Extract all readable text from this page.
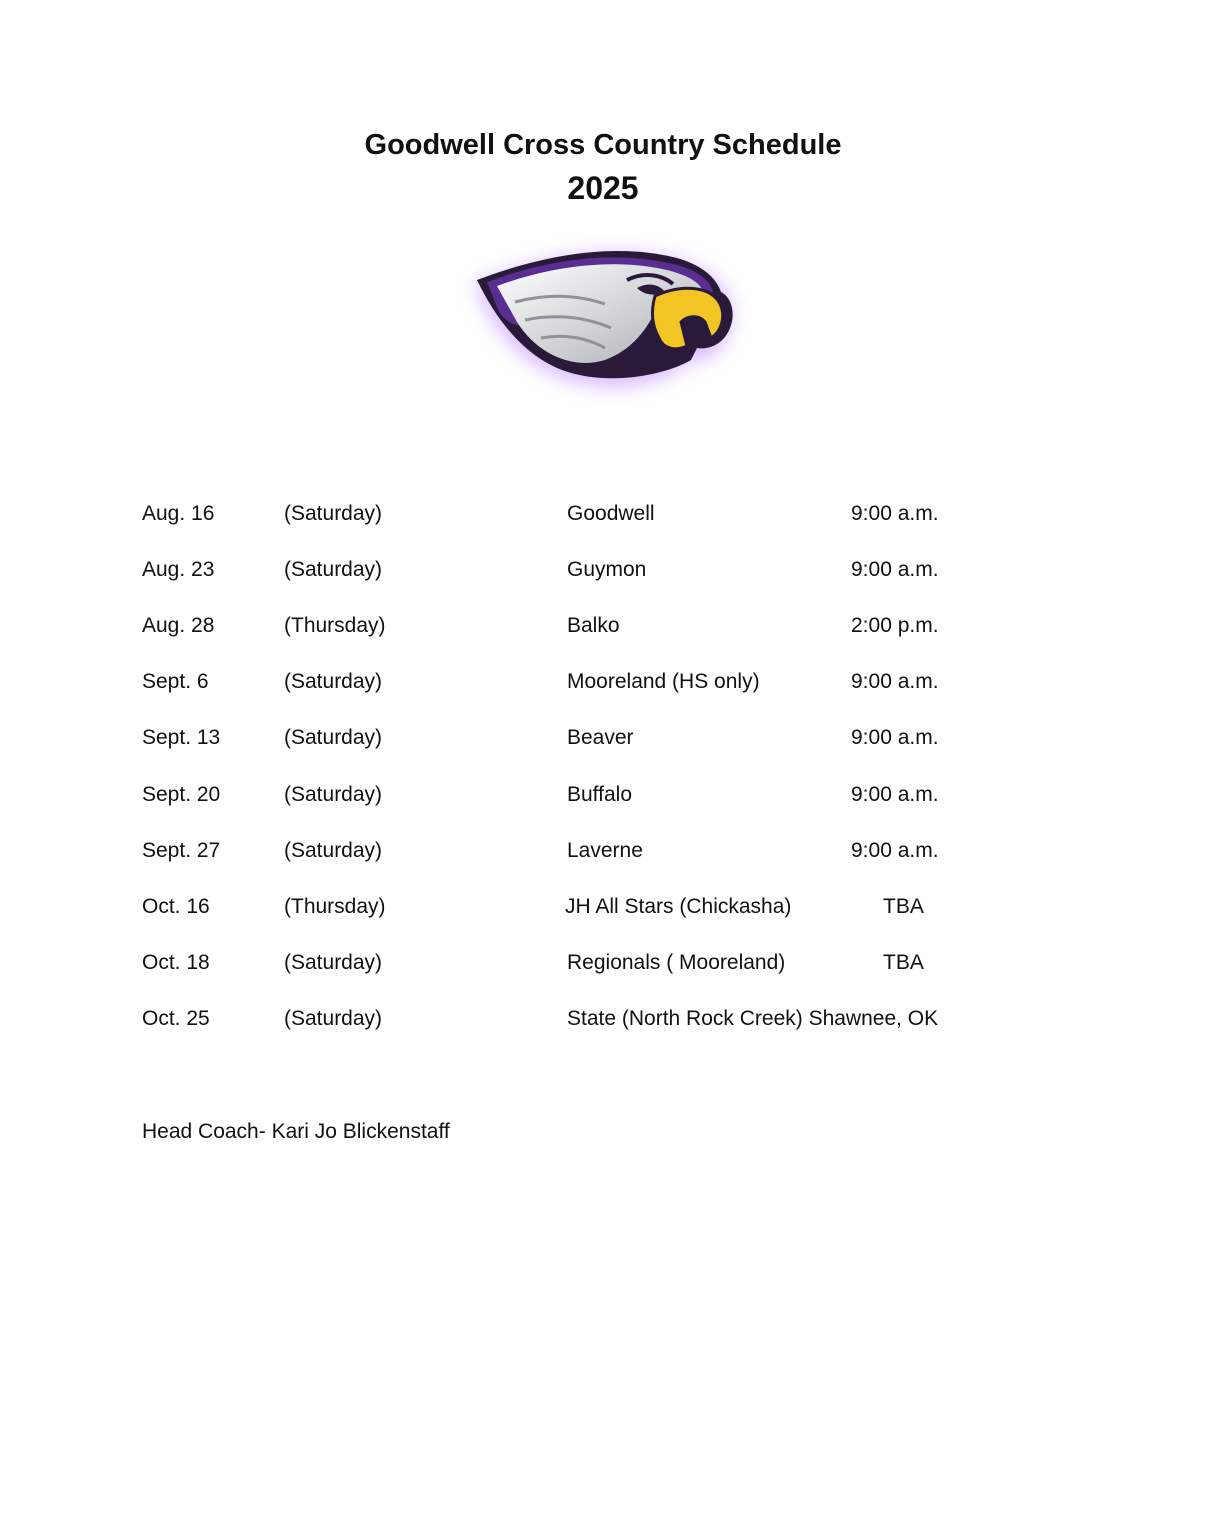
Goodwell Cross Country Schedule
2025
Aug. 16	(Saturday)	Goodwell	9:00 a.m.
Aug. 23	(Saturday)	Guymon	9:00 a.m.
Aug. 28	(Thursday)	Balko	2:00 p.m.
Sept. 6	(Saturday)	Mooreland (HS only)	9:00 a.m.
Sept. 13	(Saturday)	Beaver	9:00 a.m.
Sept. 20	(Saturday)	Buffalo	9:00 a.m.
Sept. 27	(Saturday)	Laverne	9:00 a.m.
Oct. 16	(Thursday)	JH All Stars (Chickasha)	TBA
Oct. 18	(Saturday)	Regionals ( Mooreland)	TBA
Oct. 25	(Saturday)	State (North Rock Creek) Shawnee, OK
Head Coach- Kari Jo Blickenstaff
